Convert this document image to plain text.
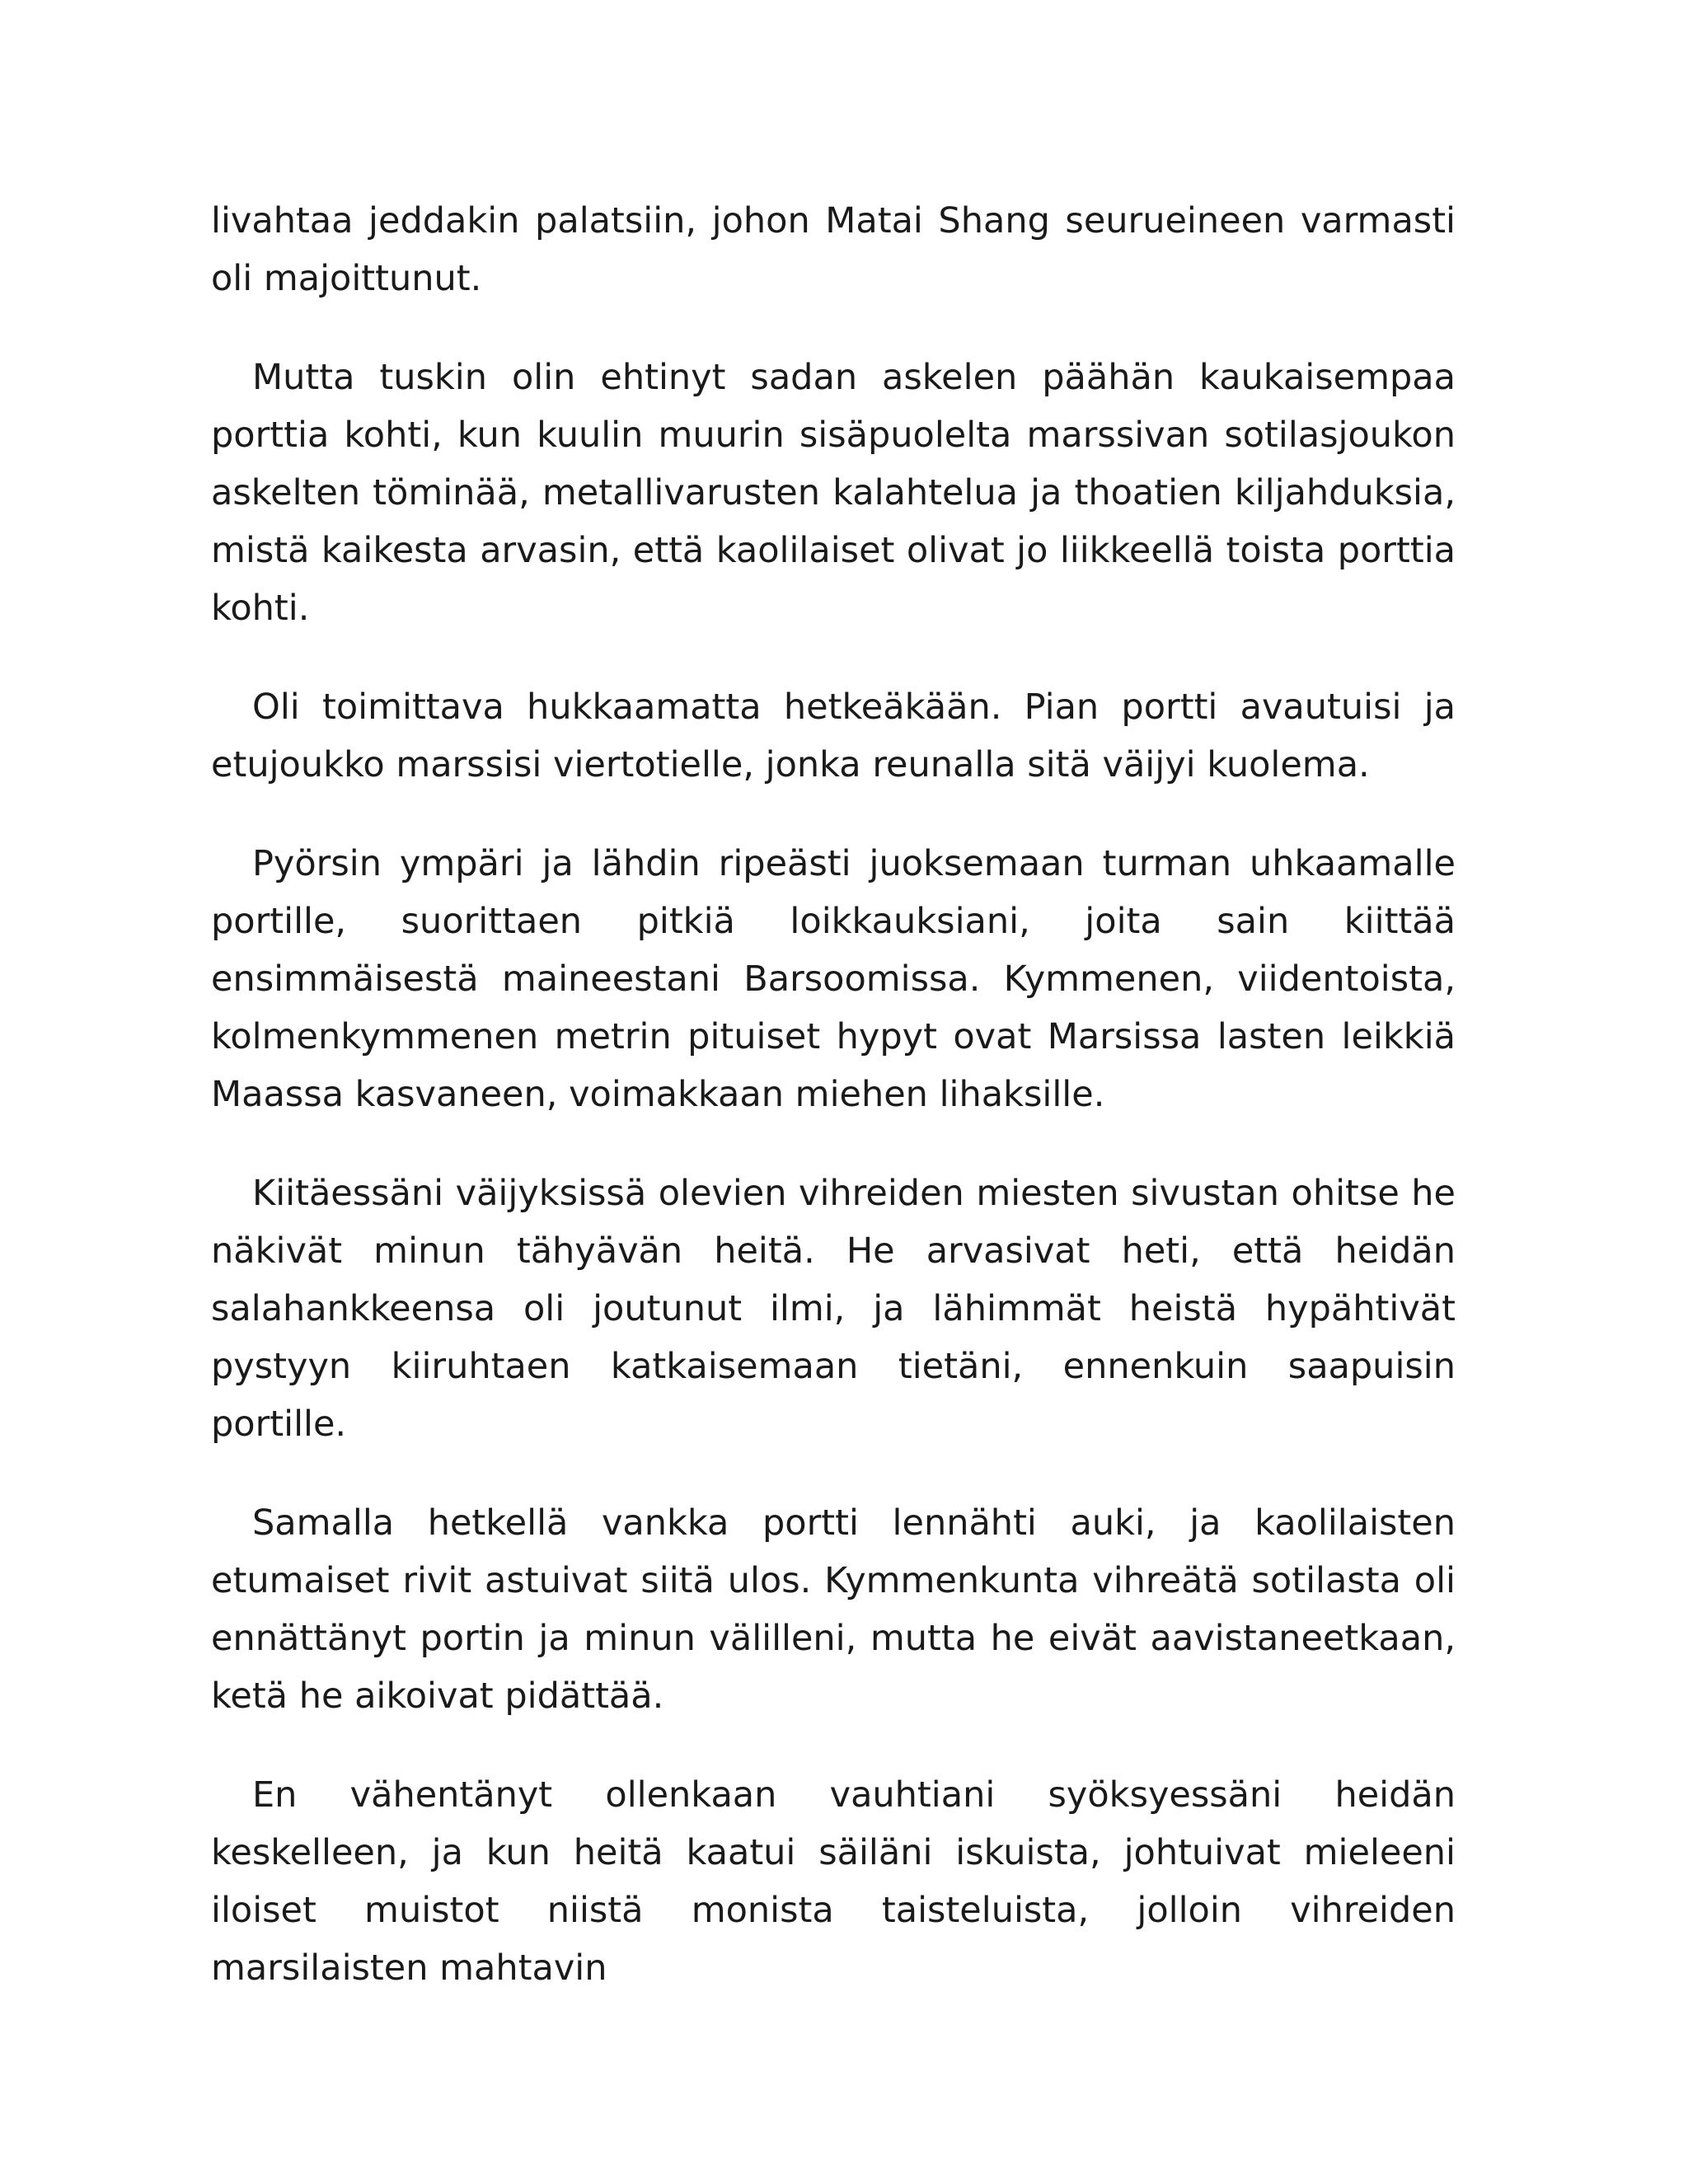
livahtaa jeddakin palatsiin, johon Matai Shang seurueineen varmasti oli majoittunut.

Mutta tuskin olin ehtinyt sadan askelen päähän kaukaisempaa porttia kohti, kun kuulin muurin sisäpuolelta marssivan sotilasjoukon askelten töminää, metallivarusten kalahtelua ja thoatien kiljahduksia, mistä kaikesta arvasin, että kaolilaiset olivat jo liikkeellä toista porttia kohti.

Oli toimittava hukkaamatta hetkeäkään. Pian portti avautuisi ja etujoukko marssisi viertotielle, jonka reunalla sitä väijyi kuolema.

Pyörsin ympäri ja lähdin ripeästi juoksemaan turman uhkaamalle portille, suorittaen pitkiä loikkauksiani, joita sain kiittää ensimmäisestä maineestani Barsoomissa. Kymmenen, viidentoista, kolmenkymmenen metrin pituiset hypyt ovat Marsissa lasten leikkiä Maassa kasvaneen, voimakkaan miehen lihaksille.

Kiitäessäni väijyksissä olevien vihreiden miesten sivustan ohitse he näkivät minun tähyävän heitä. He arvasivat heti, että heidän salahankkeensa oli joutunut ilmi, ja lähimmät heistä hypähtivät pystyyn kiiruhtaen katkaisemaan tietäni, ennenkuin saapuisin portille.

Samalla hetkellä vankka portti lennähti auki, ja kaolilaisten etumaiset rivit astuivat siitä ulos. Kymmenkunta vihreätä sotilasta oli ennättänyt portin ja minun välilleni, mutta he eivät aavistaneetkaan, ketä he aikoivat pidättää.

En vähentänyt ollenkaan vauhtiani syöksyessäni heidän keskelleen, ja kun heitä kaatui säiläni iskuista, johtuivat mieleeni iloiset muistot niistä monista taisteluista, jolloin vihreiden marsilaisten mahtavin
